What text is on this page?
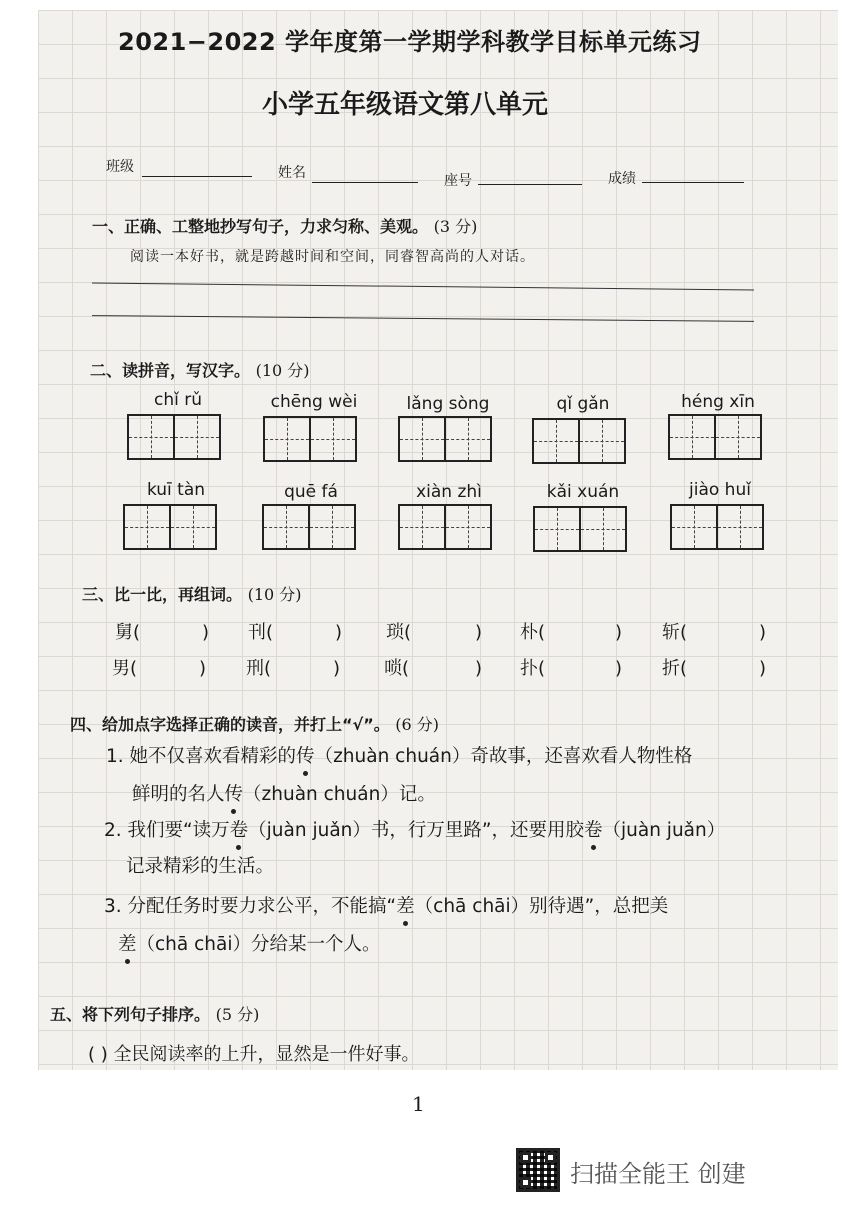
2021−2022 学年度第一学期学科教学目标单元练习
小学五年级语文第八单元
班级	姓名	座号	成绩
一、正确、工整地抄写句子，力求匀称、美观。 (3 分)
阅读一本好书，就是跨越时间和空间，同睿智高尚的人对话。
二、读拼音，写汉字。 (10 分)
chǐ rǔ	chēng wèi	lǎng sòng	qǐ gǎn	héng xīn
kuī tàn	quē fá	xiàn zhì	kǎi xuán	jiào huǐ
三、比一比，再组词。 (10 分)
舅(	) 刊(	) 琐(	) 朴(	) 斩(	)
男(	) 刑(	) 唢(	) 扑(	) 折(	)
四、给加点字选择正确的读音，并打上“√”。 (6 分)
1. 她不仅喜欢看精彩的传（zhuàn chuán）奇故事，还喜欢看人物性格
鲜明的名人传（zhuàn chuán）记。
2. 我们要“读万卷（juàn juǎn）书，行万里路”，还要用胶卷（juàn juǎn）
记录精彩的生活。
3. 分配任务时要力求公平，不能搞“差（chā chāi）别待遇”，总把美
差（chā chāi）分给某一个人。
五、将下列句子排序。 (5 分)
( ) 全民阅读率的上升，显然是一件好事。
1
扫描全能王 创建
